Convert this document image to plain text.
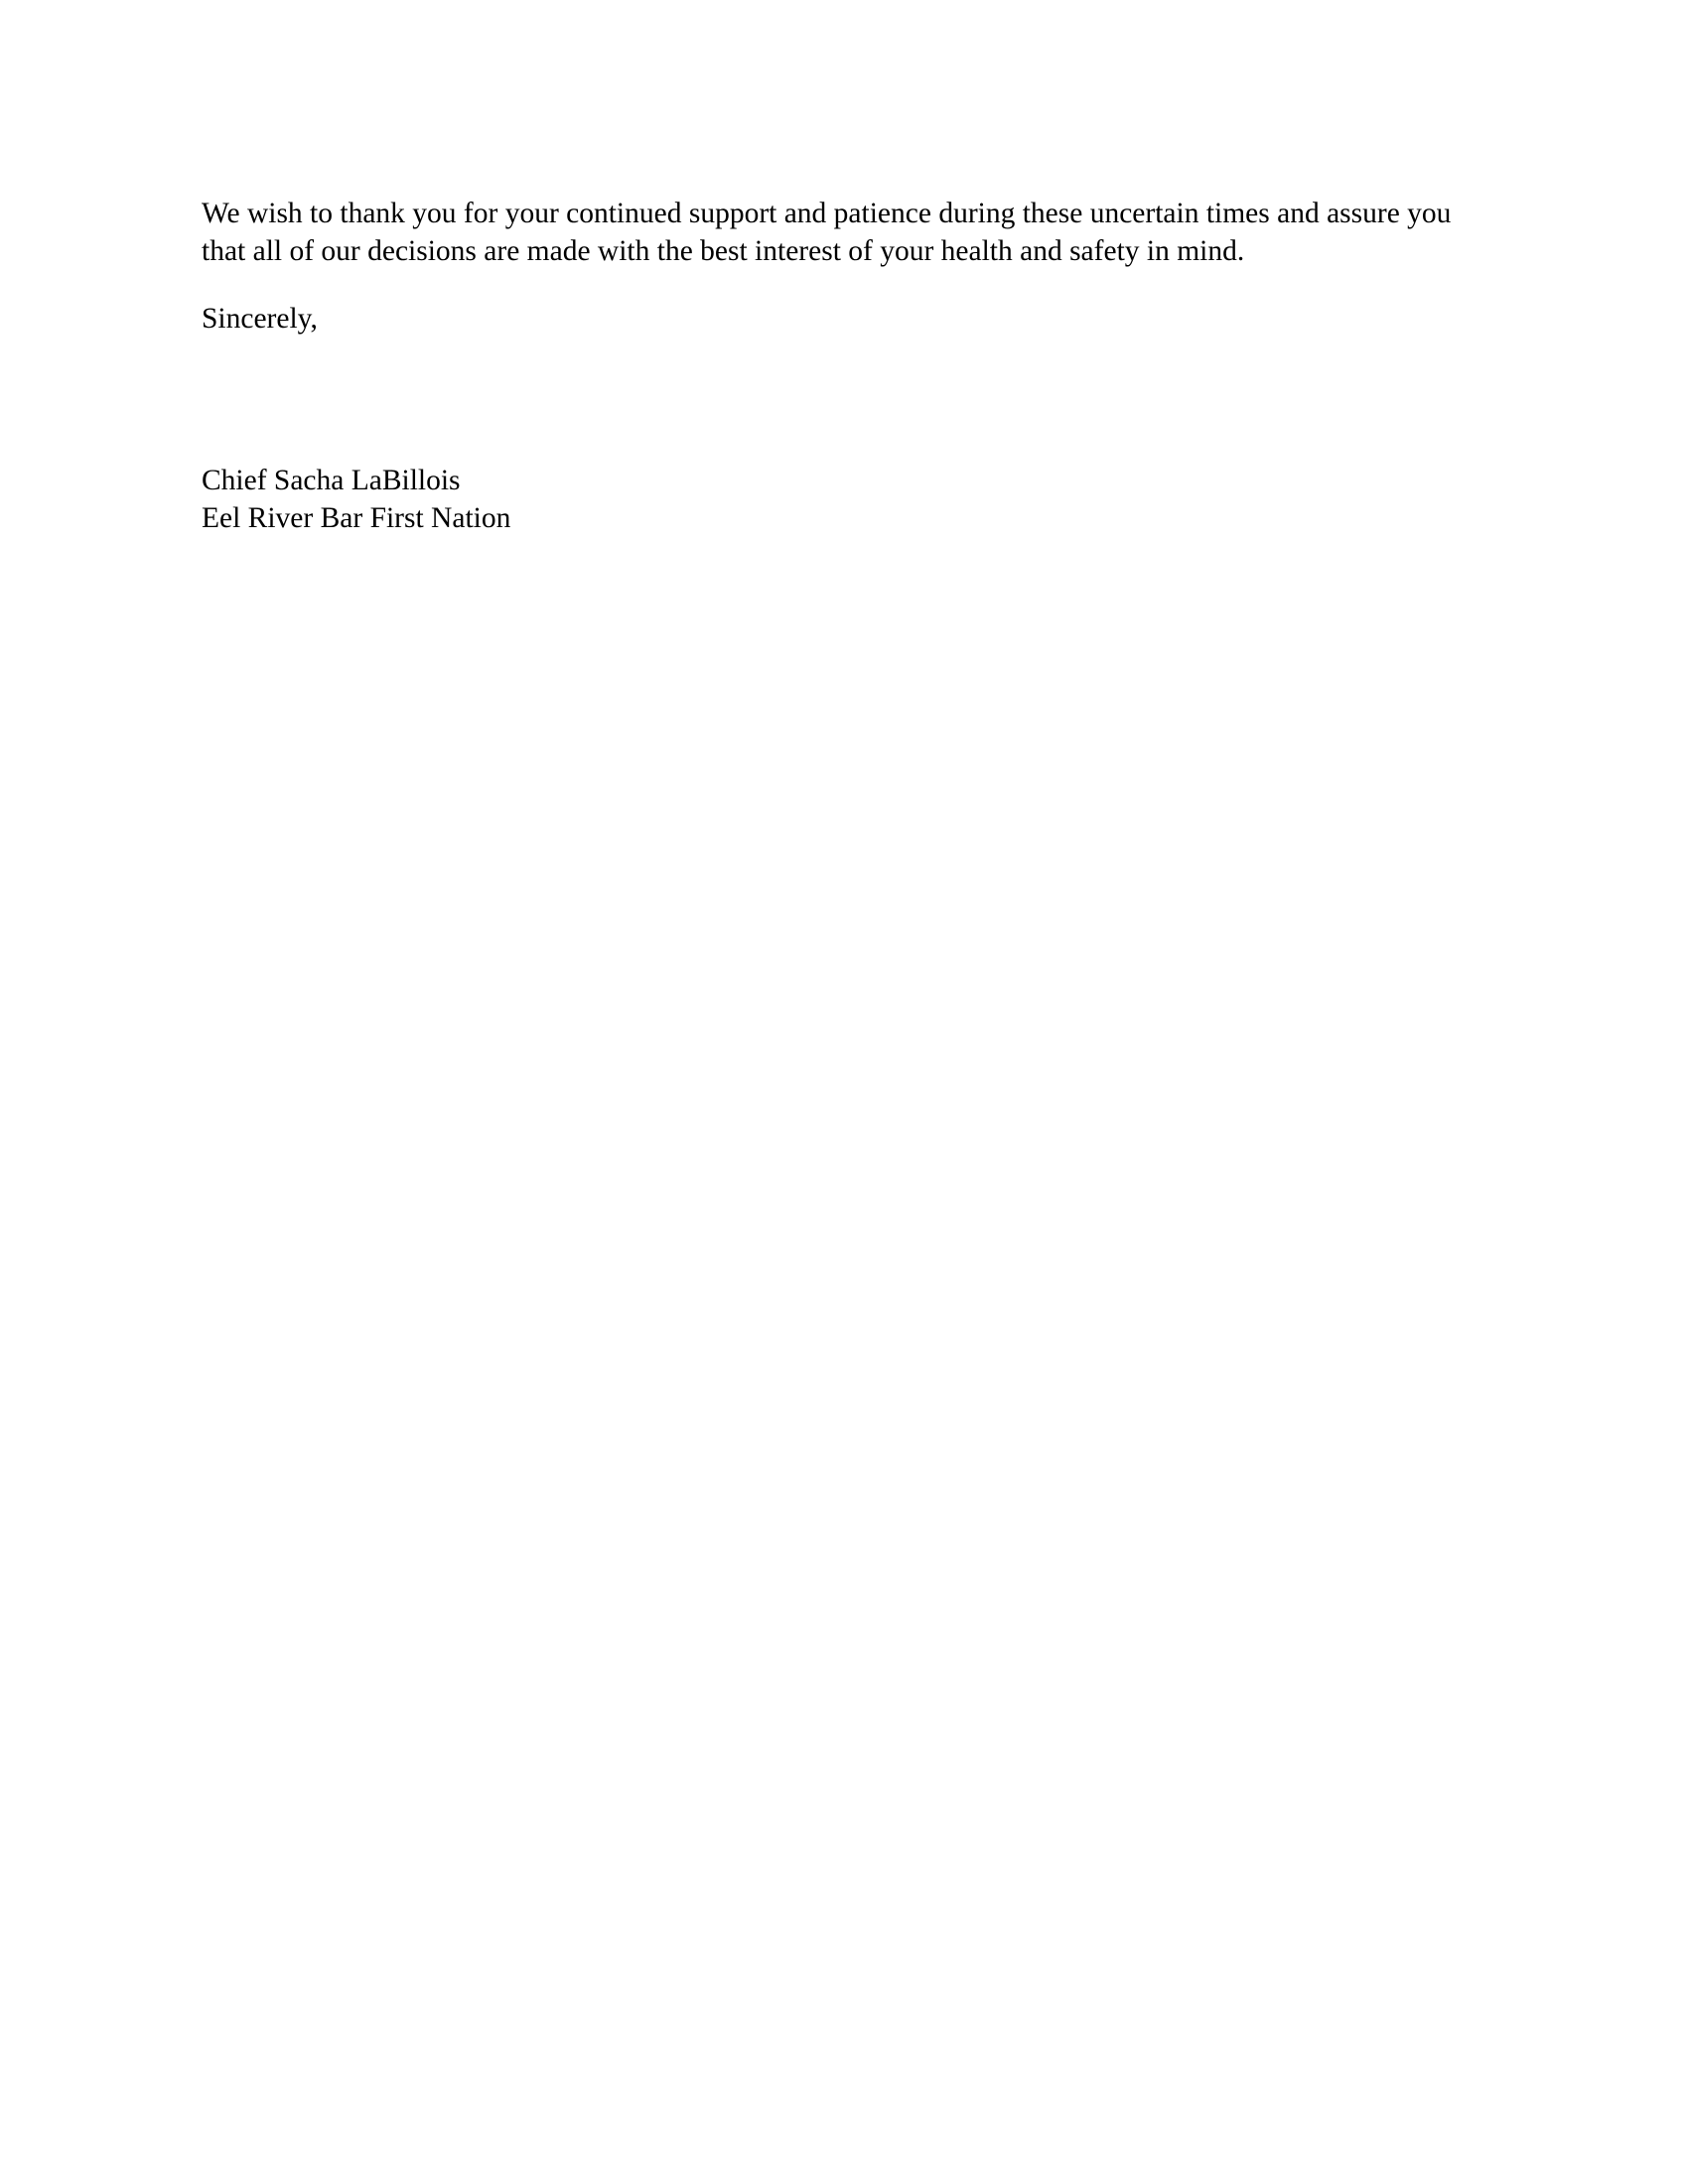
We wish to thank you for your continued support and patience during these uncertain times and assure you that all of our decisions are made with the best interest of your health and safety in mind.

Sincerely,

Chief Sacha LaBillois
Eel River Bar First Nation
